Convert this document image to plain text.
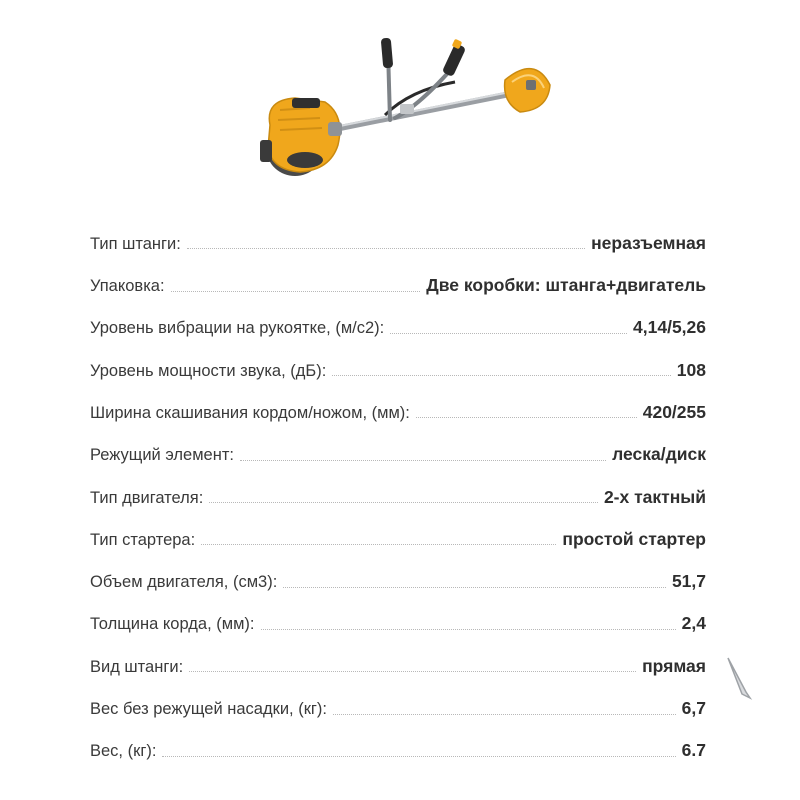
Тип штанги:	неразъемная
Упаковка:	Две коробки: штанга+двигатель
Уровень вибрации на рукоятке, (м/с2):	4,14/5,26
Уровень мощности звука, (дБ):	108
Ширина скашивания кордом/ножом, (мм):	420/255
Режущий элемент:	леска/диск
Тип двигателя:	2-х тактный
Тип стартера:	простой стартер
Объем двигателя, (см3):	51,7
Толщина корда, (мм):	2,4
Вид штанги:	прямая
Вес без режущей насадки, (кг):	6,7
Вес, (кг):	6.7
